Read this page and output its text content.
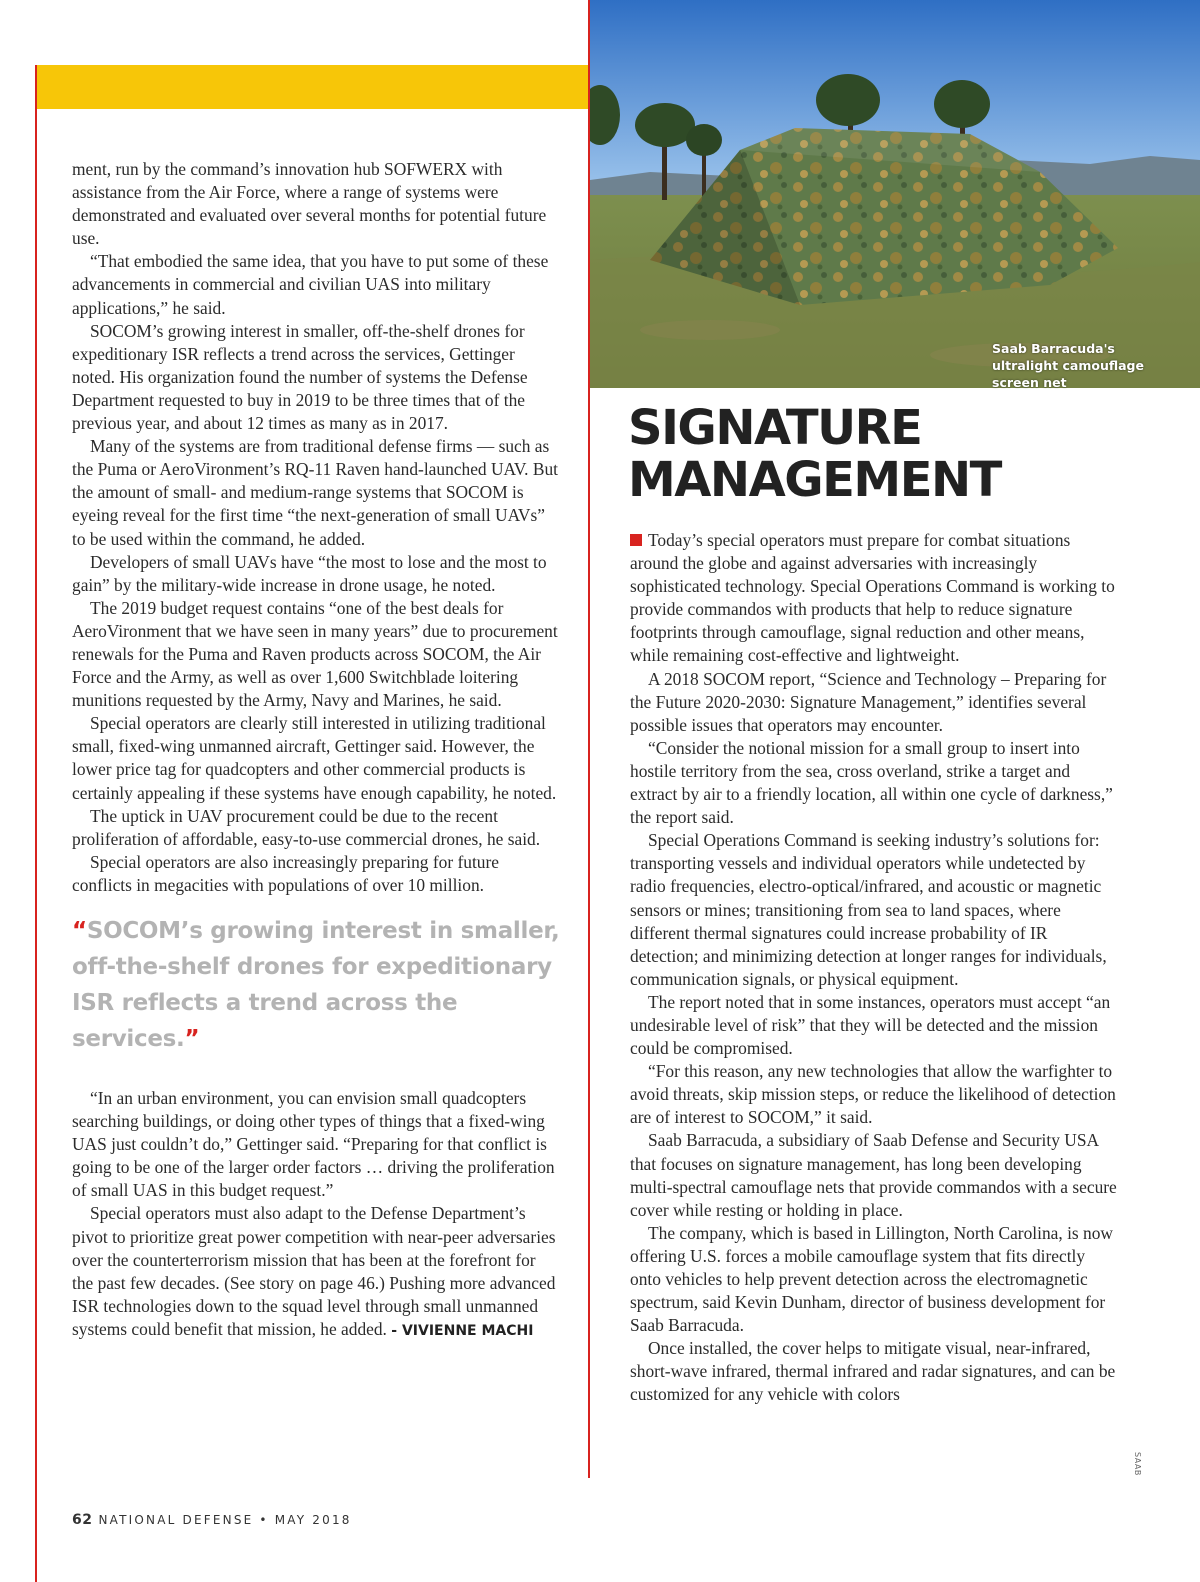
Saab Barracuda's ultralight camouflage screen net

ment, run by the command’s innovation hub SOFWERX with assistance from the Air Force, where a range of systems were demonstrated and evaluated over several months for potential future use.

“That embodied the same idea, that you have to put some of these advancements in commercial and civilian UAS into military applications,” he said.

SOCOM’s growing interest in smaller, off-the-shelf drones for expeditionary ISR reflects a trend across the services, Gettinger noted. His organization found the number of systems the Defense Department requested to buy in 2019 to be three times that of the previous year, and about 12 times as many as in 2017.

Many of the systems are from traditional defense firms — such as the Puma or AeroVironment’s RQ-11 Raven hand-launched UAV. But the amount of small- and medium-range systems that SOCOM is eyeing reveal for the first time “the next-generation of small UAVs” to be used within the command, he added.

Developers of small UAVs have “the most to lose and the most to gain” by the military-wide increase in drone usage, he noted.

The 2019 budget request contains “one of the best deals for AeroVironment that we have seen in many years” due to procurement renewals for the Puma and Raven products across SOCOM, the Air Force and the Army, as well as over 1,600 Switchblade loitering munitions requested by the Army, Navy and Marines, he said.

Special operators are clearly still interested in utilizing traditional small, fixed-wing unmanned aircraft, Gettinger said. However, the lower price tag for quadcopters and other commercial products is certainly appealing if these systems have enough capability, he noted.

The uptick in UAV procurement could be due to the recent proliferation of affordable, easy-to-use commercial drones, he said.

Special operators are also increasingly preparing for future conflicts in megacities with populations of over 10 million.

“SOCOM’s growing interest in smaller, off-the-shelf drones for expeditionary ISR reflects a trend across the services.”

“In an urban environment, you can envision small quadcopters searching buildings, or doing other types of things that a fixed-wing UAS just couldn’t do,” Gettinger said. “Preparing for that conflict is going to be one of the larger order factors … driving the proliferation of small UAS in this budget request.”

Special operators must also adapt to the Defense Department’s pivot to prioritize great power competition with near-peer adversaries over the counterterrorism mission that has been at the forefront for the past few decades. (See story on page 46.) Pushing more advanced ISR technologies down to the squad level through small unmanned systems could benefit that mission, he added. - VIVIENNE MACHI

SIGNATURE MANAGEMENT

Today’s special operators must prepare for combat situations around the globe and against adversaries with increasingly sophisticated technology. Special Operations Command is working to provide commandos with products that help to reduce signature footprints through camouflage, signal reduction and other means, while remaining cost-effective and lightweight.

A 2018 SOCOM report, “Science and Technology – Preparing for the Future 2020-2030: Signature Management,” identifies several possible issues that operators may encounter.

“Consider the notional mission for a small group to insert into hostile territory from the sea, cross overland, strike a target and extract by air to a friendly location, all within one cycle of darkness,” the report said.

Special Operations Command is seeking industry’s solutions for: transporting vessels and individual operators while undetected by radio frequencies, electro-optical/infrared, and acoustic or magnetic sensors or mines; transitioning from sea to land spaces, where different thermal signatures could increase probability of IR detection; and minimizing detection at longer ranges for individuals, communication signals, or physical equipment.

The report noted that in some instances, operators must accept “an undesirable level of risk” that they will be detected and the mission could be compromised.

“For this reason, any new technologies that allow the warfighter to avoid threats, skip mission steps, or reduce the likelihood of detection are of interest to SOCOM,” it said.

Saab Barracuda, a subsidiary of Saab Defense and Security USA that focuses on signature management, has long been developing multi-spectral camouflage nets that provide commandos with a secure cover while resting or holding in place.

The company, which is based in Lillington, North Carolina, is now offering U.S. forces a mobile camouflage system that fits directly onto vehicles to help prevent detection across the electromagnetic spectrum, said Kevin Dunham, director of business development for Saab Barracuda.

Once installed, the cover helps to mitigate visual, near-infrared, short-wave infrared, thermal infrared and radar signatures, and can be customized for any vehicle with colors

SAAB
62 NATIONAL DEFENSE • MAY 2018
